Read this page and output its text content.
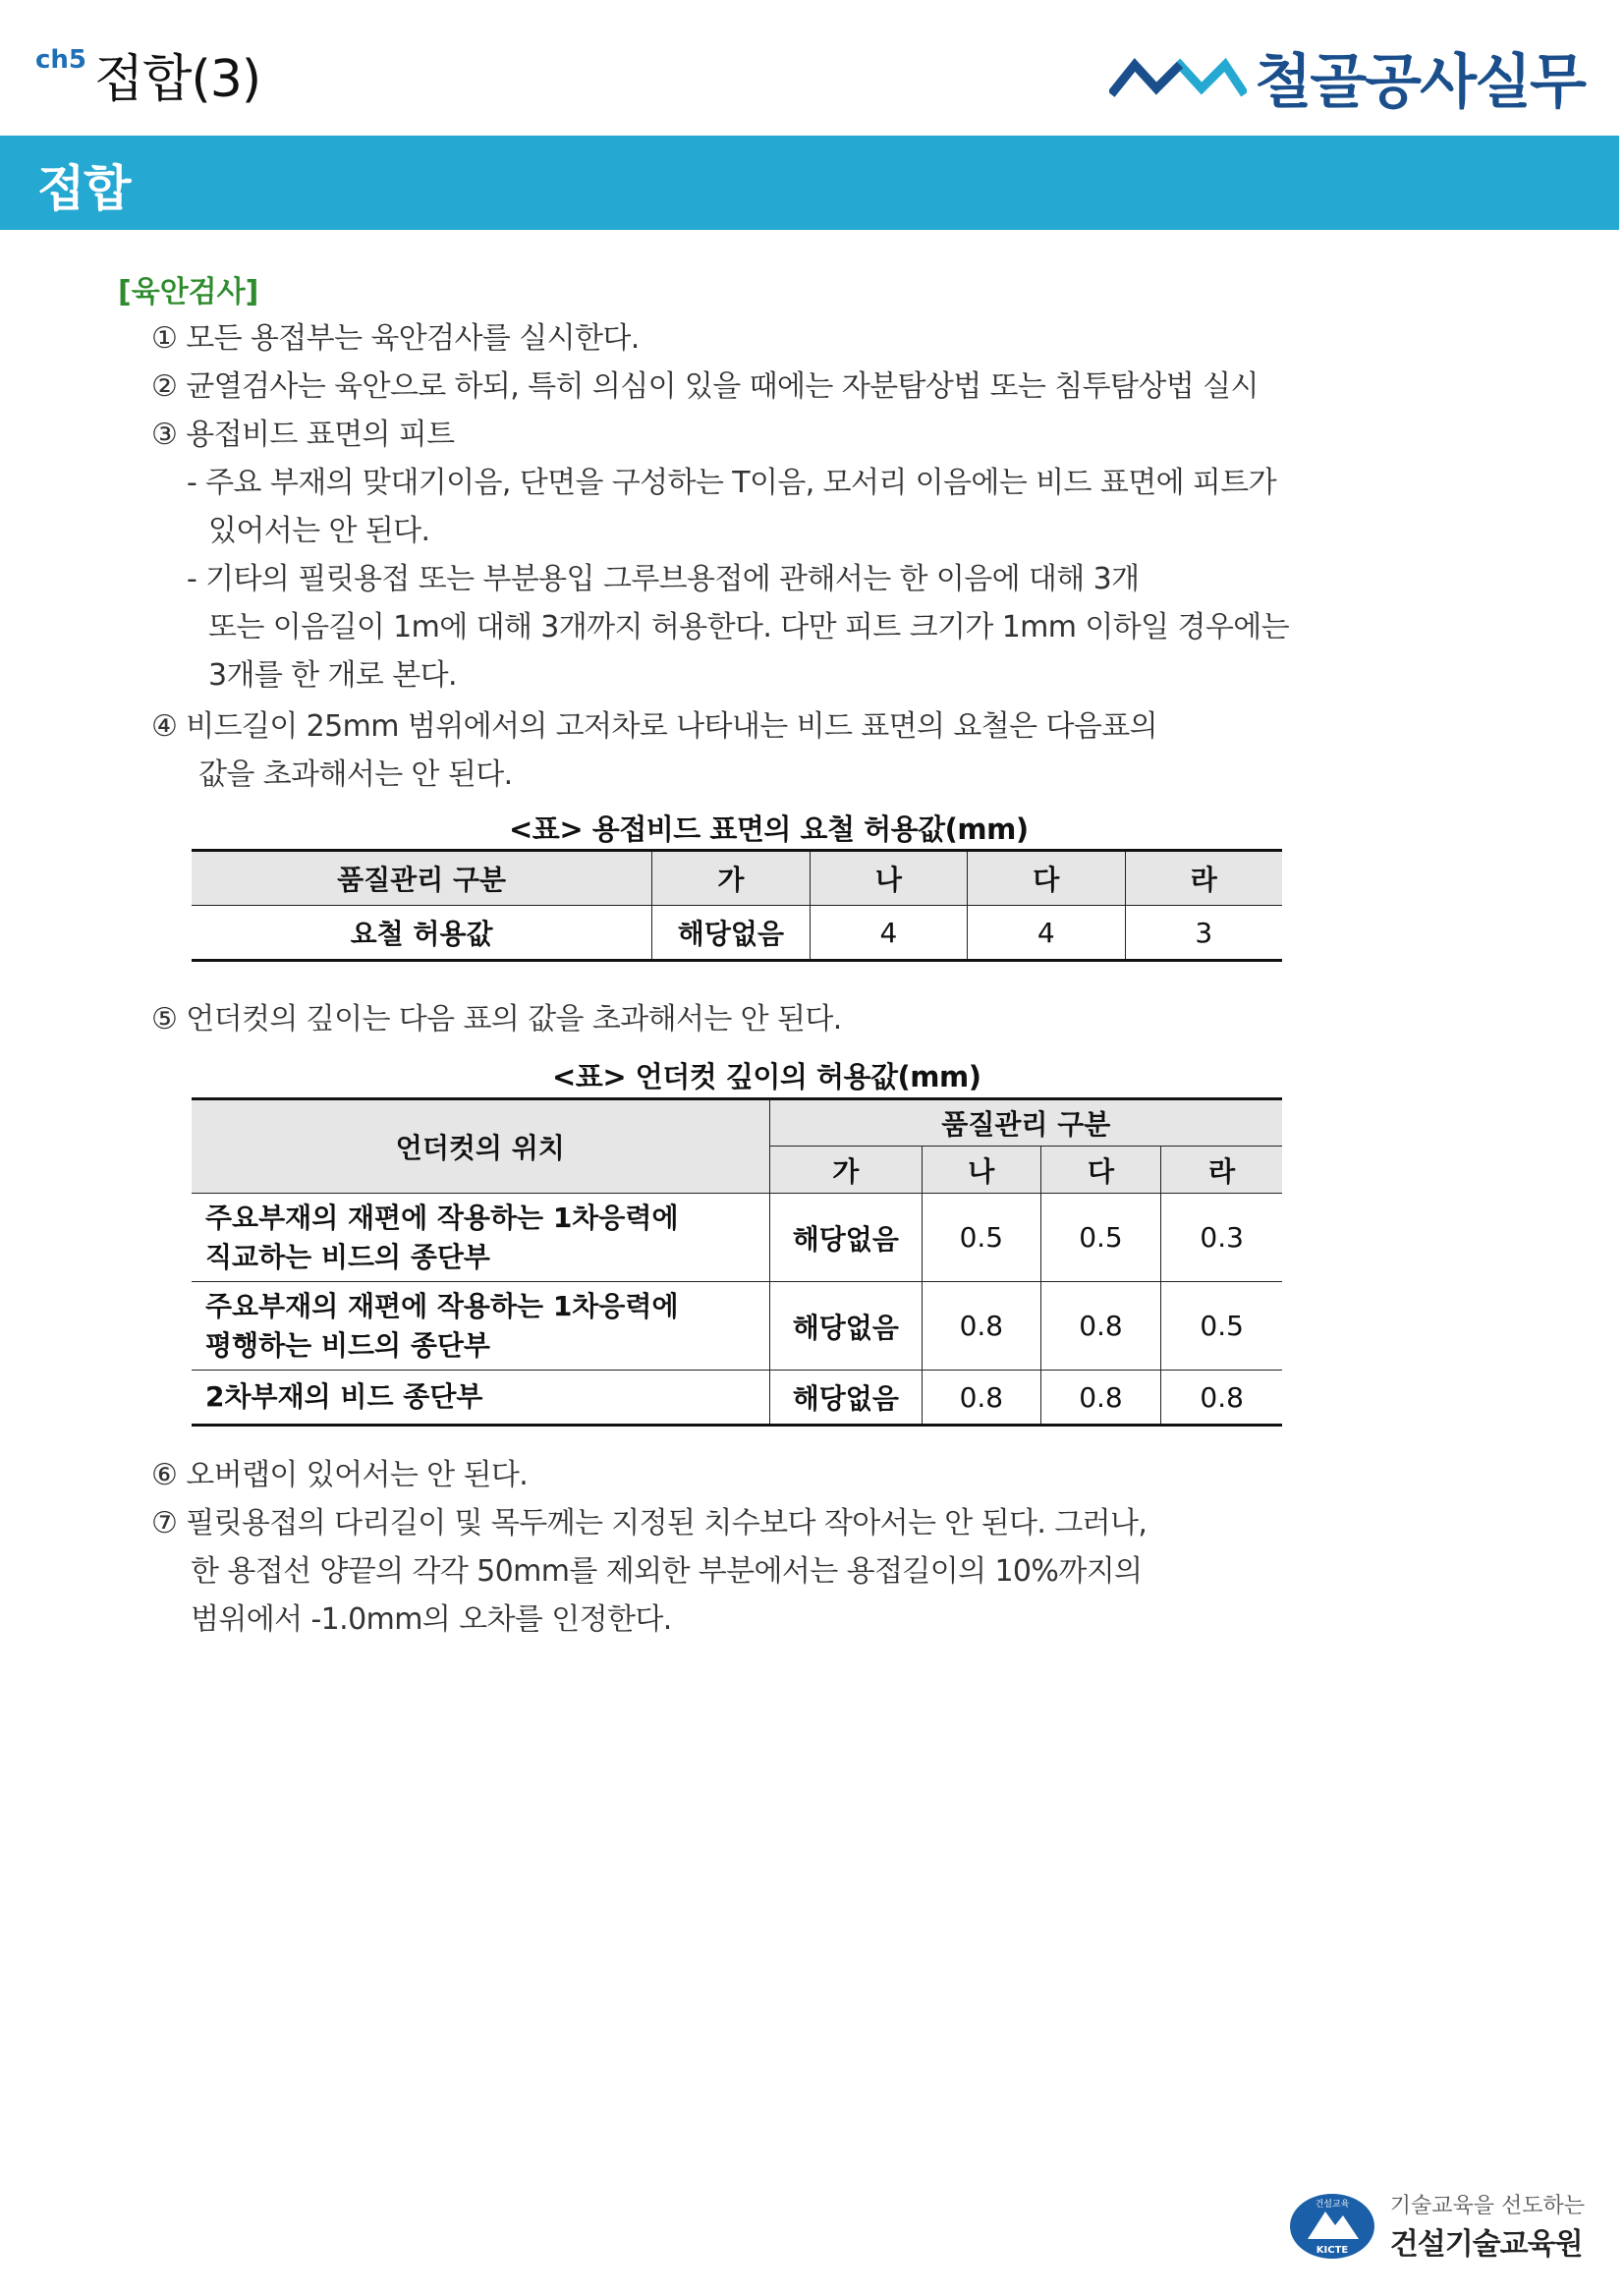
ch5 접합(3)	철골공사실무
접합
[육안검사]
① 모든 용접부는 육안검사를 실시한다.
② 균열검사는 육안으로 하되, 특히 의심이 있을 때에는 자분탐상법 또는 침투탐상법 실시
③ 용접비드 표면의 피트
- 주요 부재의 맞대기이음, 단면을 구성하는 T이음, 모서리 이음에는 비드 표면에 피트가
있어서는 안 된다.
- 기타의 필릿용접 또는 부분용입 그루브용접에 관해서는 한 이음에 대해 3개
또는 이음길이 1m에 대해 3개까지 허용한다. 다만 피트 크기가 1mm 이하일 경우에는
3개를 한 개로 본다.
④ 비드길이 25mm 범위에서의 고저차로 나타내는 비드 표면의 요철은 다음표의
값을 초과해서는 안 된다.
<표> 용접비드 표면의 요철 허용값(mm)
품질관리 구분	가	나	다	라
요철 허용값	해당없음	4	4	3
⑤ 언더컷의 깊이는 다음 표의 값을 초과해서는 안 된다.
<표> 언더컷 깊이의 허용값(mm)
언더컷의 위치	품질관리 구분			
	가	나	다	라

주요부재의 재편에 작용하는 1차응력에
직교하는 비드의 종단부	해당없음	0.5	0.5	0.3

주요부재의 재편에 작용하는 1차응력에
평행하는 비드의 종단부	해당없음	0.8	0.8	0.5

2차부재의 비드 종단부	해당없음	0.8	0.8	0.8
⑥ 오버랩이 있어서는 안 된다.
⑦ 필릿용접의 다리길이 및 목두께는 지정된 치수보다 작아서는 안 된다. 그러나,
한 용접선 양끝의 각각 50mm를 제외한 부분에서는 용접길이의 10%까지의
범위에서 -1.0mm의 오차를 인정한다.
건설교육
KICTE
기술교육을 선도하는
건설기술교육원
